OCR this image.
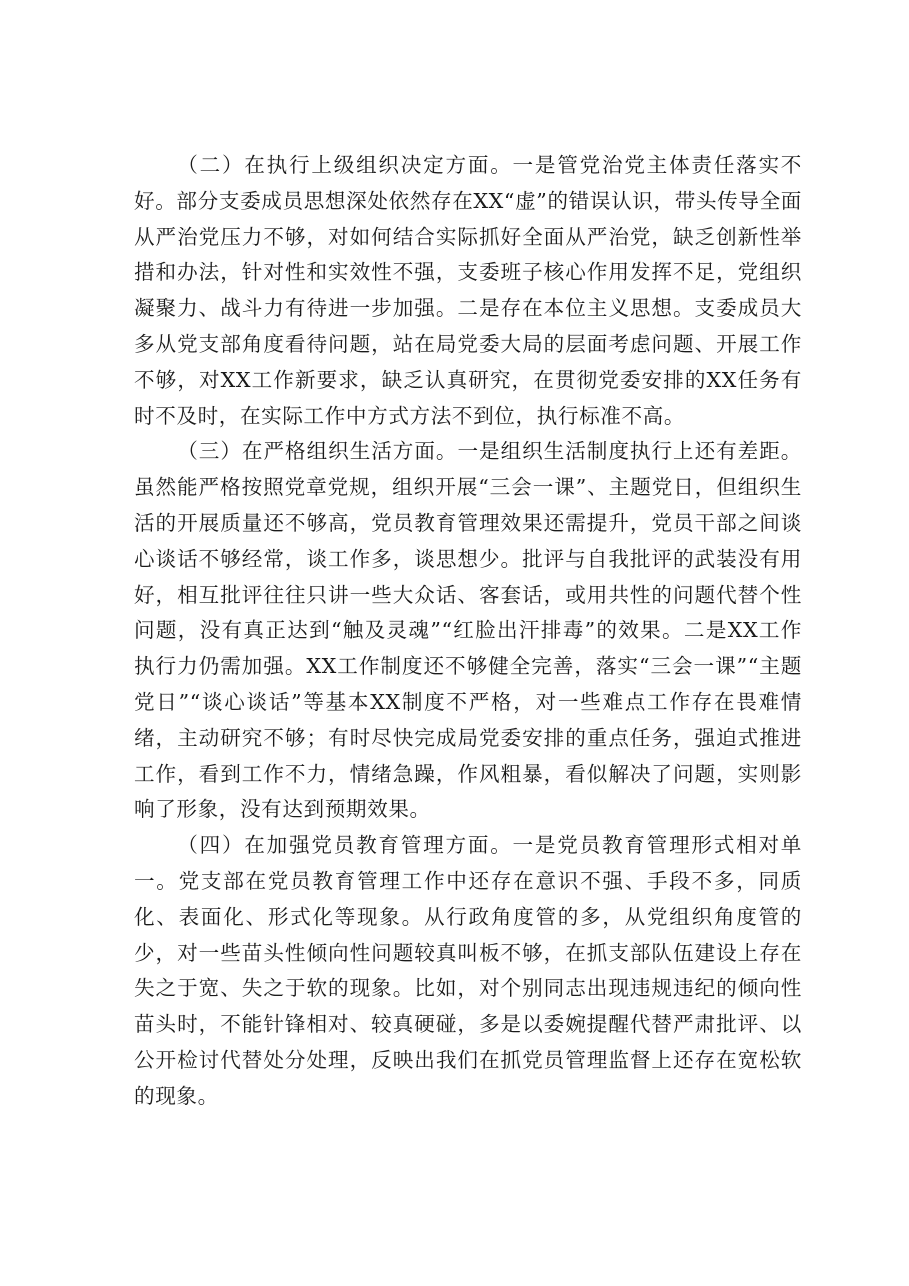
（二）在执行上级组织决定方面。一是管党治党主体责任落实不好。部分支委成员思想深处依然存在XX“虚”的错误认识，带头传导全面从严治党压力不够，对如何结合实际抓好全面从严治党，缺乏创新性举措和办法，针对性和实效性不强，支委班子核心作用发挥不足，党组织凝聚力、战斗力有待进一步加强。二是存在本位主义思想。支委成员大多从党支部角度看待问题，站在局党委大局的层面考虑问题、开展工作不够，对XX工作新要求，缺乏认真研究，在贯彻党委安排的XX任务有时不及时，在实际工作中方式方法不到位，执行标准不高。

（三）在严格组织生活方面。一是组织生活制度执行上还有差距。虽然能严格按照党章党规，组织开展“三会一课”、主题党日，但组织生活的开展质量还不够高，党员教育管理效果还需提升，党员干部之间谈心谈话不够经常，谈工作多，谈思想少。批评与自我批评的武装没有用好，相互批评往往只讲一些大众话、客套话，或用共性的问题代替个性问题，没有真正达到“触及灵魂”“红脸出汗排毒”的效果。二是XX工作执行力仍需加强。XX工作制度还不够健全完善，落实“三会一课”“主题党日”“谈心谈话”等基本XX制度不严格，对一些难点工作存在畏难情绪，主动研究不够；有时尽快完成局党委安排的重点任务，强迫式推进工作，看到工作不力，情绪急躁，作风粗暴，看似解决了问题，实则影响了形象，没有达到预期效果。

（四）在加强党员教育管理方面。一是党员教育管理形式相对单一。党支部在党员教育管理工作中还存在意识不强、手段不多，同质化、表面化、形式化等现象。从行政角度管的多，从党组织角度管的少，对一些苗头性倾向性问题较真叫板不够，在抓支部队伍建设上存在失之于宽、失之于软的现象。比如，对个别同志出现违规违纪的倾向性苗头时，不能针锋相对、较真硬碰，多是以委婉提醒代替严肃批评、以公开检讨代替处分处理，反映出我们在抓党员管理监督上还存在宽松软的现象。
